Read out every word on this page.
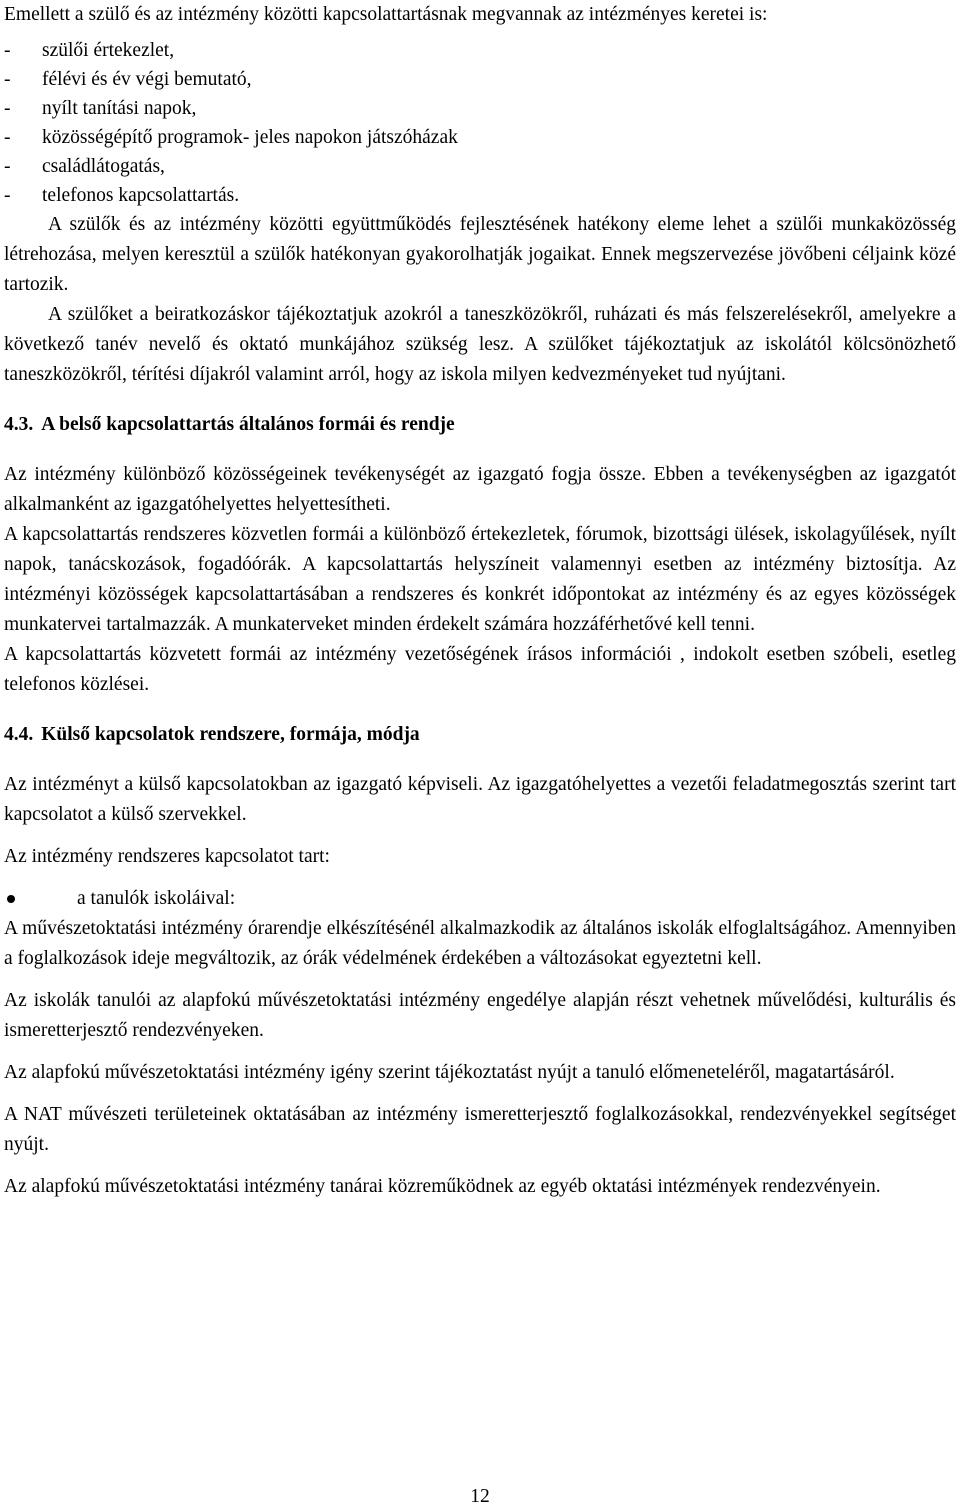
Emellett a szülő és az intézmény közötti kapcsolattartásnak megvannak az intézményes keretei is:

-	szülői értekezlet,
-	félévi és év végi bemutató,
-	nyílt tanítási napok,
-	közösségépítő programok- jeles napokon játszóházak
-	családlátogatás,
-	telefonos kapcsolattartás.

A szülők és az intézmény közötti együttműködés fejlesztésének hatékony eleme lehet a szülői munkaközösség létrehozása, melyen keresztül a szülők hatékonyan gyakorolhatják jogaikat. Ennek megszervezése jövőbeni céljaink közé tartozik.

A szülőket a beiratkozáskor tájékoztatjuk azokról a taneszközökről, ruházati és más felszerelésekről, amelyekre a következő tanév nevelő és oktató munkájához szükség lesz. A szülőket tájékoztatjuk az iskolától kölcsönözhető taneszközökről, térítési díjakról valamint arról, hogy az iskola milyen kedvezményeket tud nyújtani.

4.3. A belső kapcsolattartás általános formái és rendje

Az intézmény különböző közösségeinek tevékenységét az igazgató fogja össze. Ebben a tevékenységben az igazgatót alkalmanként az igazgatóhelyettes helyettesítheti.

A kapcsolattartás rendszeres közvetlen formái a különböző értekezletek, fórumok, bizottsági ülések, iskolagyűlések, nyílt napok, tanácskozások, fogadóórák. A kapcsolattartás helyszíneit valamennyi esetben az intézmény biztosítja. Az intézményi közösségek kapcsolattartásában a rendszeres és konkrét időpontokat az intézmény és az egyes közösségek munkatervei tartalmazzák. A munkaterveket minden érdekelt számára hozzáférhetővé kell tenni.

A kapcsolattartás közvetett formái az intézmény vezetőségének írásos információi , indokolt esetben szóbeli, esetleg telefonos közlései.

4.4. Külső kapcsolatok rendszere, formája, módja

Az intézményt a külső kapcsolatokban az igazgató képviseli. Az igazgatóhelyettes a vezetői feladatmegosztás szerint tart kapcsolatot a külső szervekkel.

Az intézmény rendszeres kapcsolatot tart:

a tanulók iskoláival:

A művészetoktatási intézmény órarendje elkészítésénél alkalmazkodik az általános iskolák elfoglaltságához. Amennyiben a foglalkozások ideje megváltozik, az órák védelmének érdekében a változásokat egyeztetni kell.

Az iskolák tanulói az alapfokú művészetoktatási intézmény engedélye alapján részt vehetnek művelődési, kulturális és ismeretterjesztő rendezvényeken.

Az alapfokú művészetoktatási intézmény igény szerint tájékoztatást nyújt a tanuló előmeneteléről, magatartásáról.

A NAT művészeti területeinek oktatásában az intézmény ismeretterjesztő foglalkozásokkal, rendezvényekkel segítséget nyújt.

Az alapfokú művészetoktatási intézmény tanárai közreműködnek az egyéb oktatási intézmények rendezvényein.

12
